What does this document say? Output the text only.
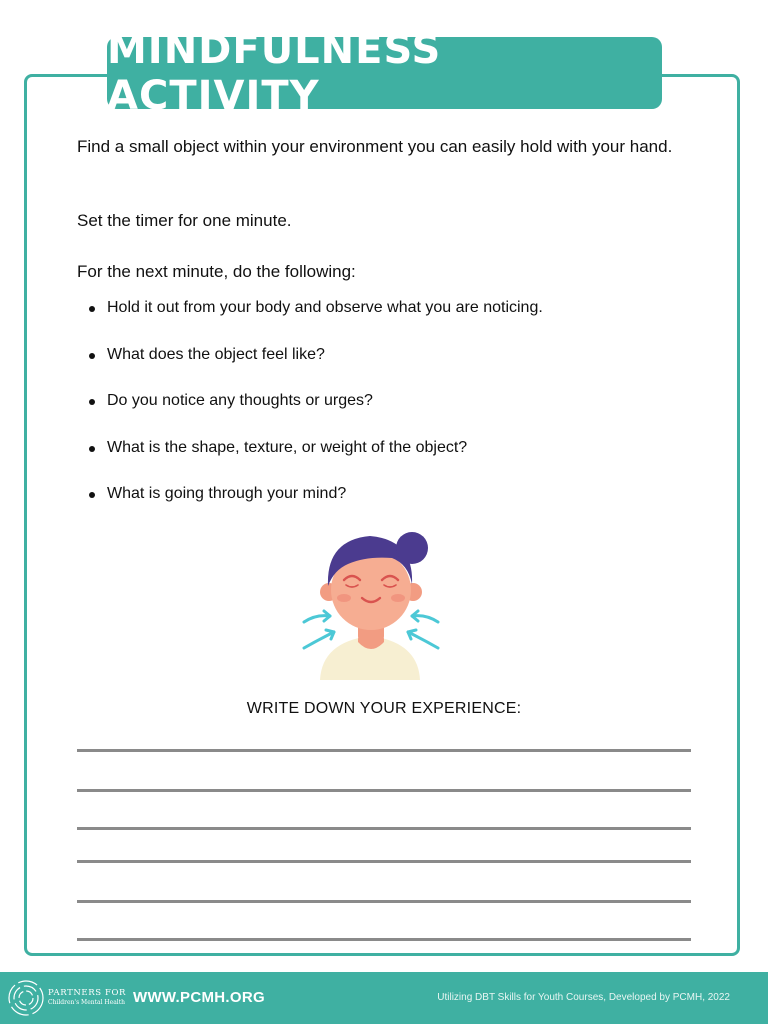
MINDFULNESS ACTIVITY

Find a small object within your environment you can easily hold with your hand.

Set the timer for one minute.

For the next minute, do the following:

Hold it out from your body and observe what you are noticing.
What does the object feel like?
Do you notice any thoughts or urges?
What is the shape, texture, or weight of the object?
What is going through your mind?

WRITE DOWN YOUR EXPERIENCE:

PARTNERS FOR
Children's Mental Health WWW.PCMH.ORG	Utilizing DBT Skills for Youth Courses, Developed by PCMH, 2022
